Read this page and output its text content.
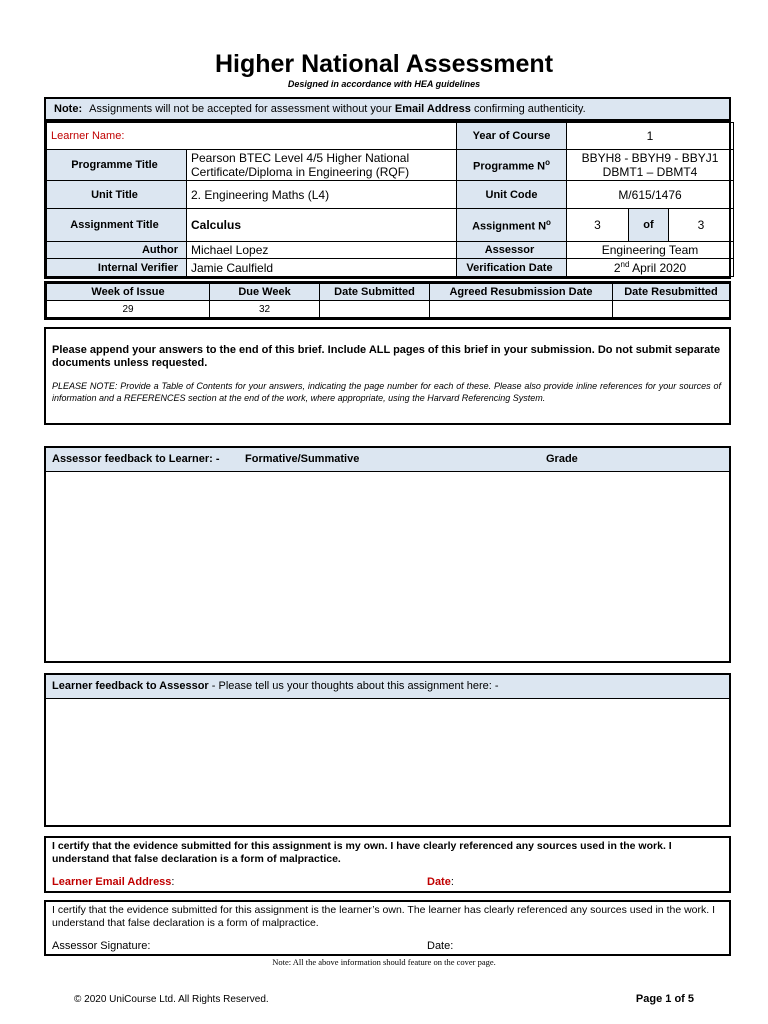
Higher National Assessment
Designed in accordance with HEA guidelines
Note: Assignments will not be accepted for assessment without your Email Address confirming authenticity.
Learner Name:		Year of Course	1		
Programme Title	Pearson BTEC Level 4/5 Higher National Certificate/Diploma in Engineering (RQF)	Programme $N^o$	BBYH8 - BBYH9 - BBYJ1
DBMT1 – DBMT4		

Unit Title	2. Engineering Maths (L4)	Unit Code	M/615/1476		
Assignment Title	Calculus	Assignment $N^o$	3	of	3
Author	Michael Lopez	Assessor	Engineering Team		
Internal Verifier	Jamie Caulfield	Verification Date	2nd April 2020		
Week of Issue	Due Week	Date Submitted	Agreed Resubmission Date	Date Resubmitted
29	32			
Please append your answers to the end of this brief. Include ALL pages of this brief in your submission. Do not submit separate documents unless requested.
PLEASE NOTE: Provide a Table of Contents for your answers, indicating the page number for each of these. Please also provide inline references for your sources of information and a REFERENCES section at the end of the work, where appropriate, using the Harvard Referencing System.
Assessor feedback to Learner: - Formative/Summative	Grade
Learner feedback to Assessor - Please tell us your thoughts about this assignment here: -
I certify that the evidence submitted for this assignment is my own. I have clearly referenced any sources used in the work. I understand that false declaration is a form of malpractice.
Learner Email Address:	Date:
I certify that the evidence submitted for this assignment is the learner’s own. The learner has clearly referenced any sources used in the work. I understand that false declaration is a form of malpractice.
Assessor Signature:	Date:
Note: All the above information should feature on the cover page.
© 2020 UniCourse Ltd. All Rights Reserved.	Page 1 of 5
